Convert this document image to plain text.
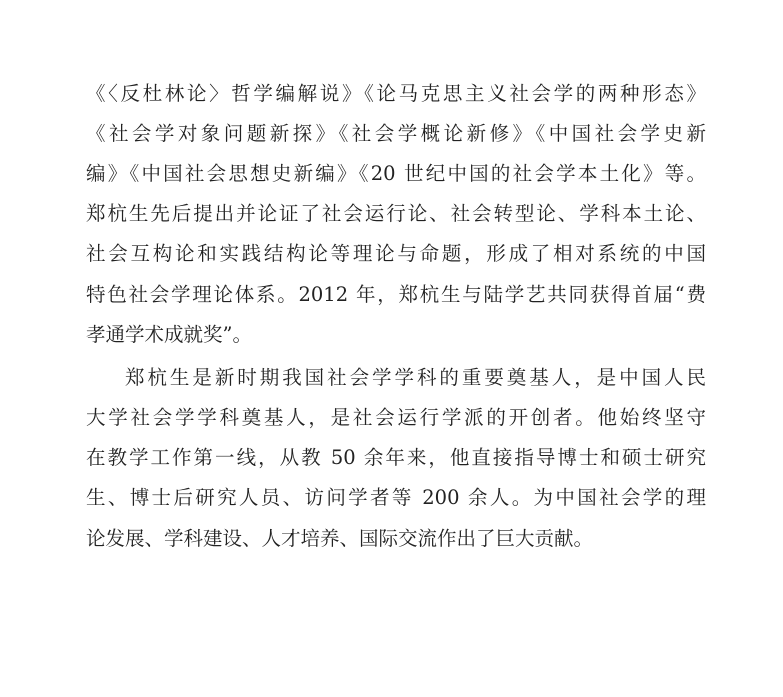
《〈反杜林论〉哲学编解说》《论马克思主义社会学的两种形态》
《社会学对象问题新探》《社会学概论新修》《中国社会学史新
编》《中国社会思想史新编》《20 世纪中国的社会学本土化》等。
郑杭生先后提出并论证了社会运行论、社会转型论、学科本土论、
社会互构论和实践结构论等理论与命题，形成了相对系统的中国
特色社会学理论体系。2012 年，郑杭生与陆学艺共同获得首届“费
孝通学术成就奖”。
郑杭生是新时期我国社会学学科的重要奠基人，是中国人民
大学社会学学科奠基人，是社会运行学派的开创者。他始终坚守
在教学工作第一线，从教 50 余年来，他直接指导博士和硕士研究
生、博士后研究人员、访问学者等 200 余人。为中国社会学的理
论发展、学科建设、人才培养、国际交流作出了巨大贡献。
